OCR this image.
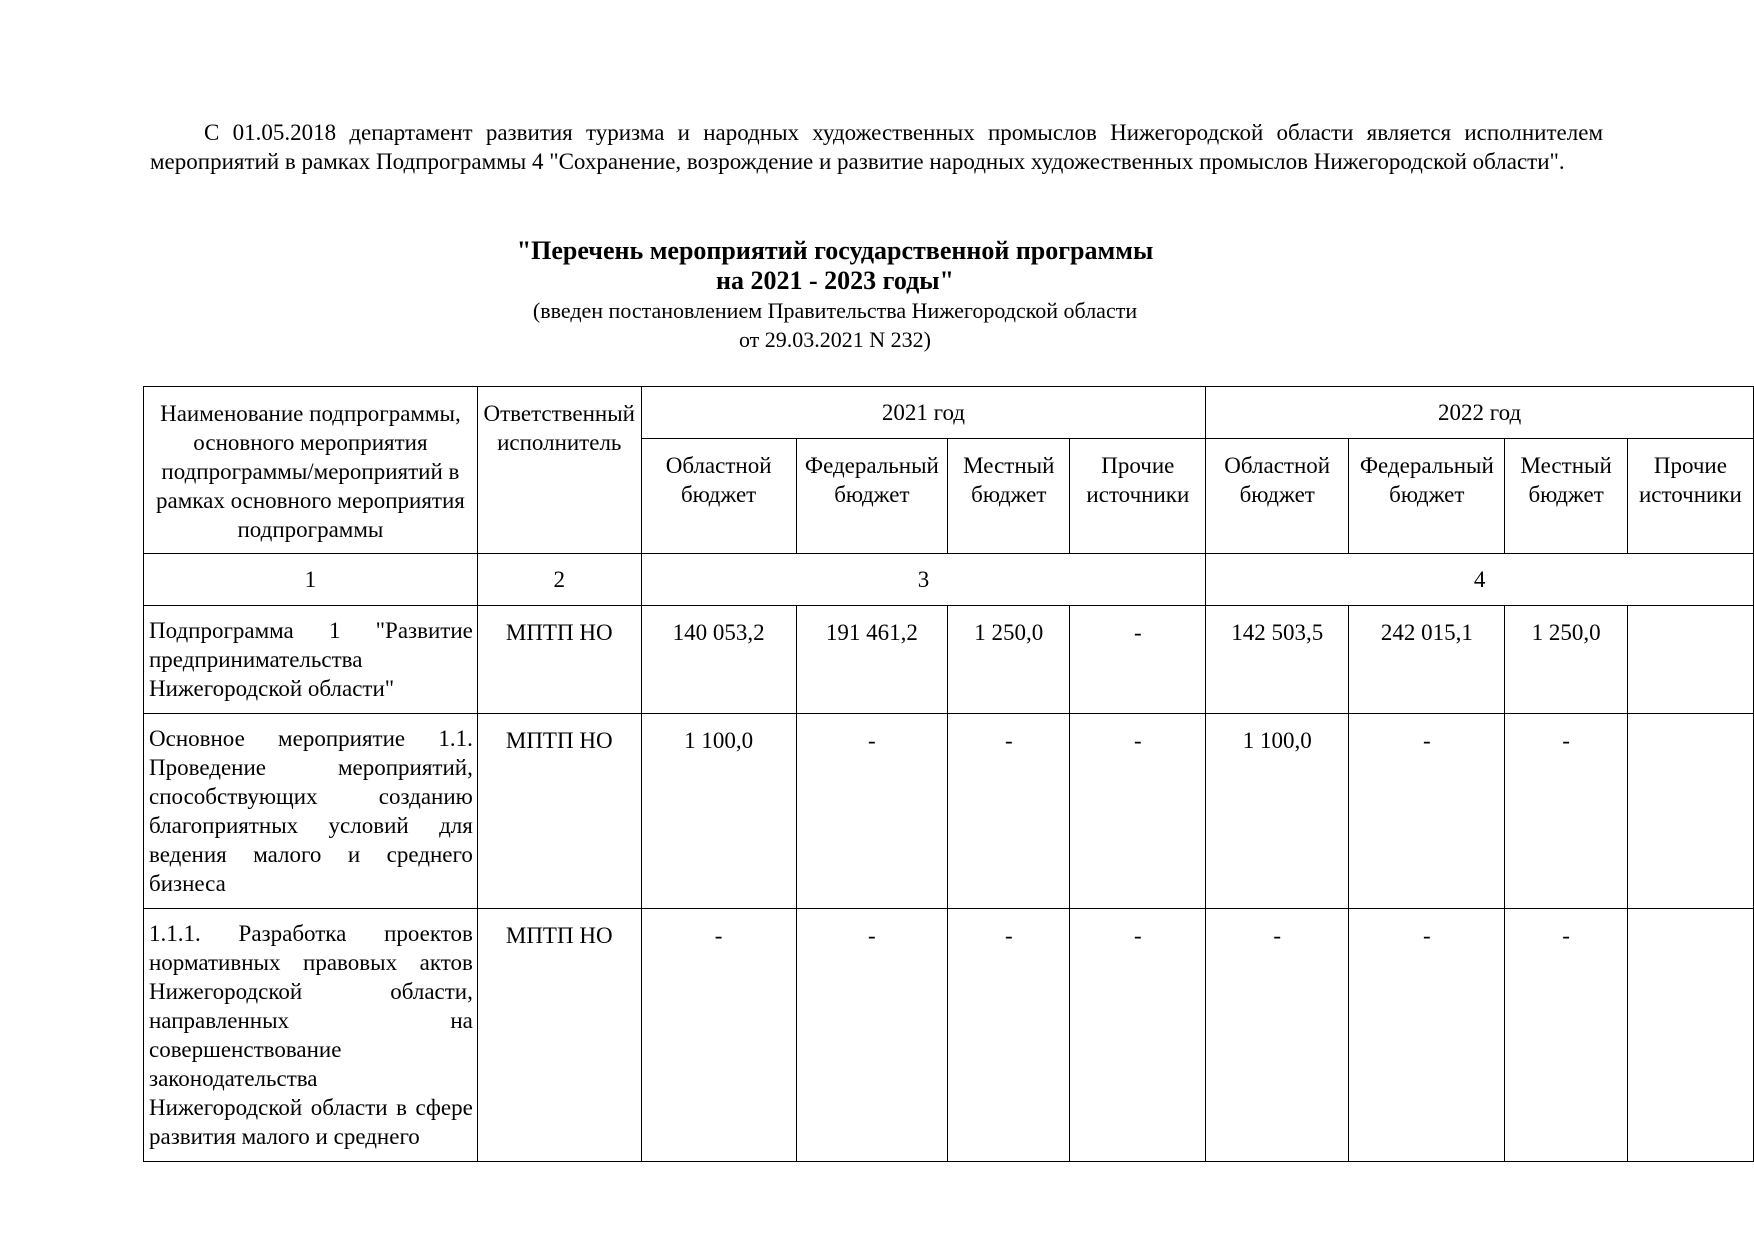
С 01.05.2018 департамент развития туризма и народных художественных промыслов Нижегородской области является исполнителем мероприятий в рамках Подпрограммы 4 "Сохранение, возрождение и развитие народных художественных промыслов Нижегородской области".

"Перечень мероприятий государственной программы
на 2021 - 2023 годы"
(введен постановлением Правительства Нижегородской области
от 29.03.2021 N 232)
Наименование подпрограммы, основного мероприятия подпрограммы/мероприятий в рамках основного мероприятия подпрограммы	Ответственный исполнитель	2021 год				2022 год			
		Областной бюджет	Федеральный бюджет	Местный бюджет	Прочие источники	Областной бюджет	Федеральный бюджет	Местный бюджет	Прочие источники
1	2	3				4			
Подпрограмма 1 "Развитие предпринимательства Нижегородской области"	МПТП НО	140 053,2	191 461,2	1 250,0	-	142 503,5	242 015,1	1 250,0	
Основное мероприятие 1.1. Проведение мероприятий, способствующих созданию благоприятных условий для ведения малого и среднего бизнеса	МПТП НО	1 100,0	-	-	-	1 100,0	-	-	
1.1.1. Разработка проектов нормативных правовых актов Нижегородской области, направленных на совершенствование законодательства Нижегородской области в сфере развития малого и среднего	МПТП НО	-	-	-	-	-	-	-	
